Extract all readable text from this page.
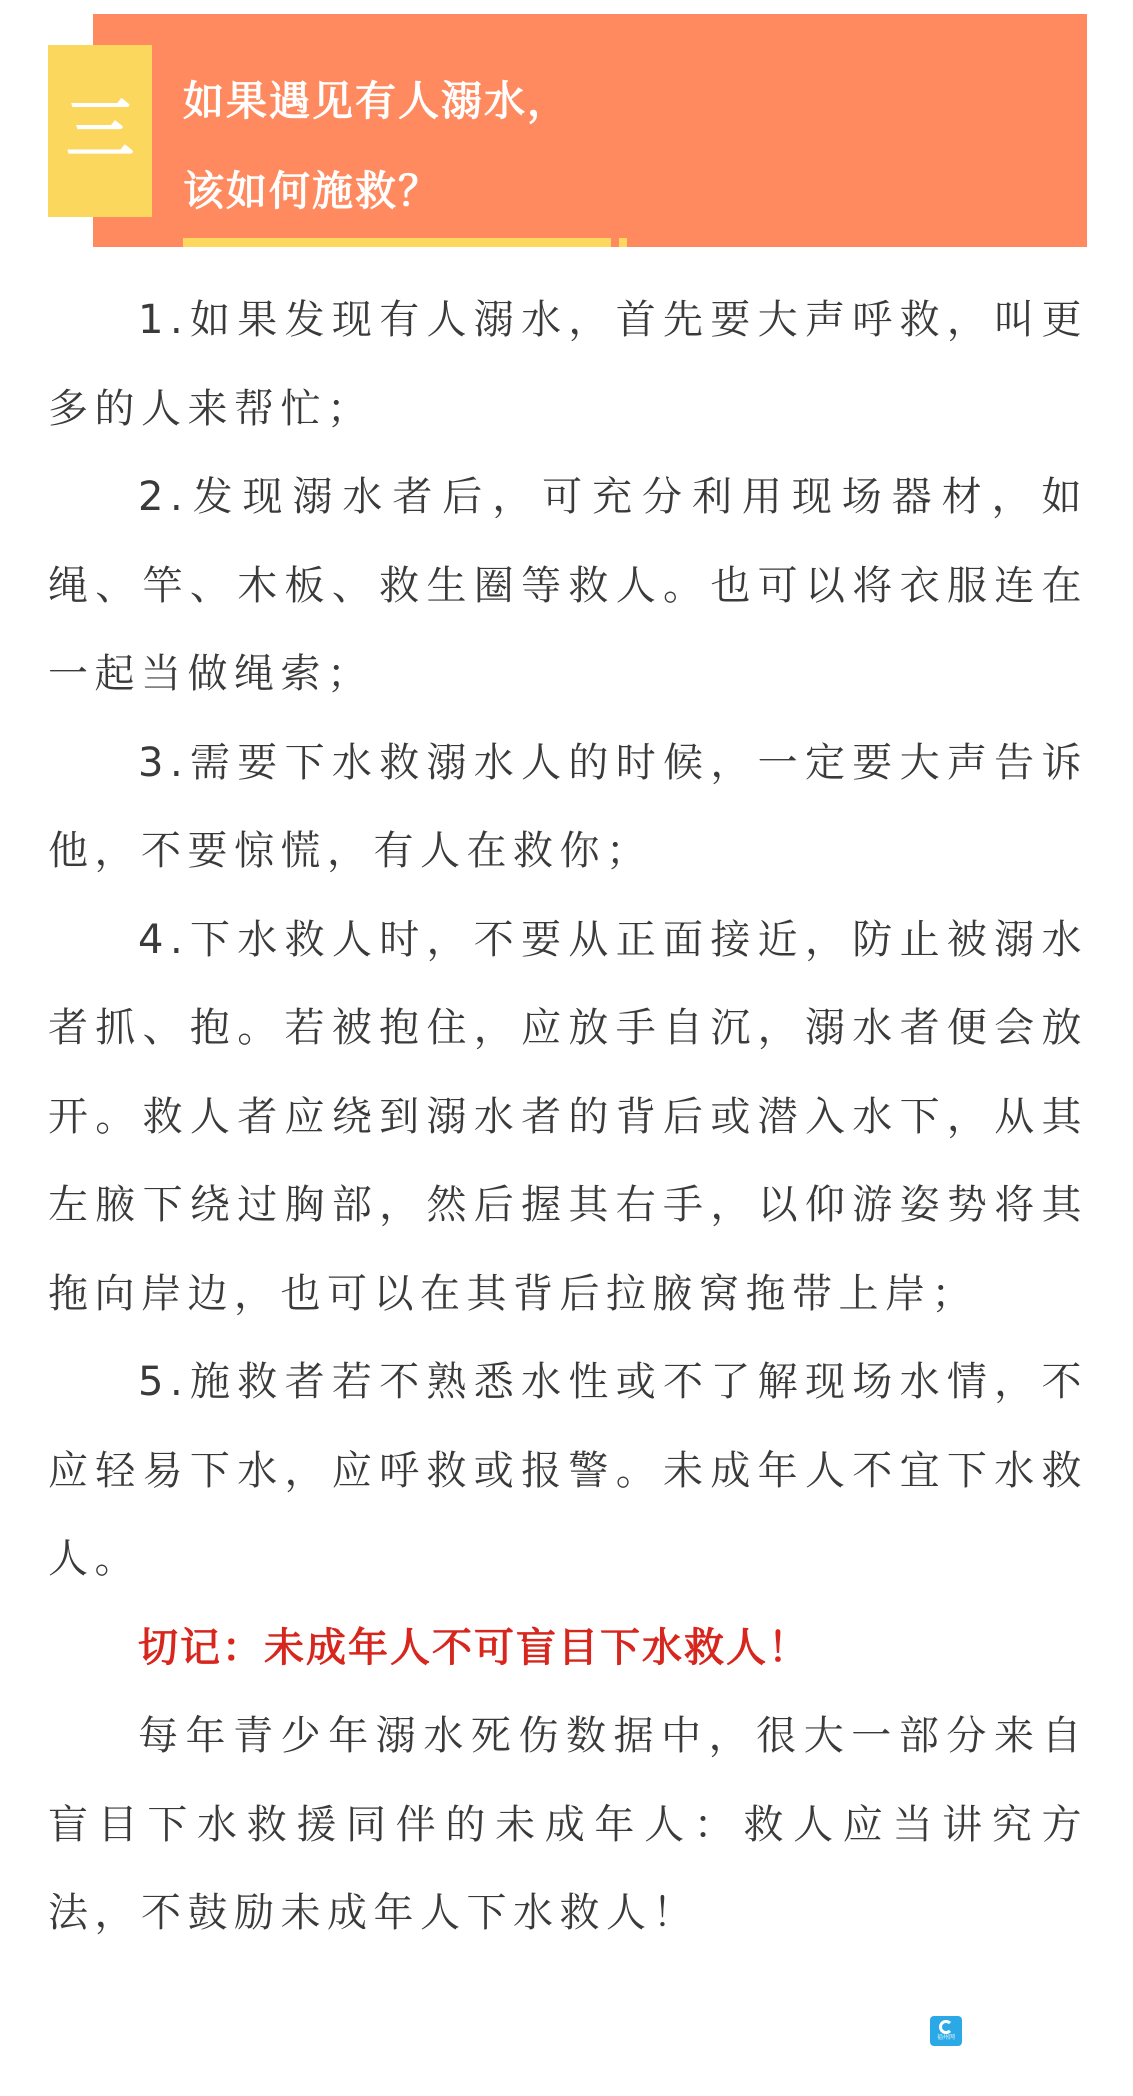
三 如果遇见有人溺水，
该如何施救？

1.如果发现有人溺水，首先要大声呼救，叫更多的人来帮忙；

2.发现溺水者后，可充分利用现场器材，如绳、竿、木板、救生圈等救人。也可以将衣服连在一起当做绳索；

3.需要下水救溺水人的时候，一定要大声告诉他，不要惊慌，有人在救你；

4.下水救人时，不要从正面接近，防止被溺水者抓、抱。若被抱住，应放手自沉，溺水者便会放开。救人者应绕到溺水者的背后或潜入水下，从其左腋下绕过胸部，然后握其右手，以仰游姿势将其拖向岸边，也可以在其背后拉腋窝拖带上岸；

5.施救者若不熟悉水性或不了解现场水情，不应轻易下水，应呼救或报警。未成年人不宜下水救人。

切记：未成年人不可盲目下水救人！

每年青少年溺水死伤数据中，很大一部分来自盲目下水救援同伴的未成年人：救人应当讲究方法，不鼓励未成年人下水救人！

福州网
